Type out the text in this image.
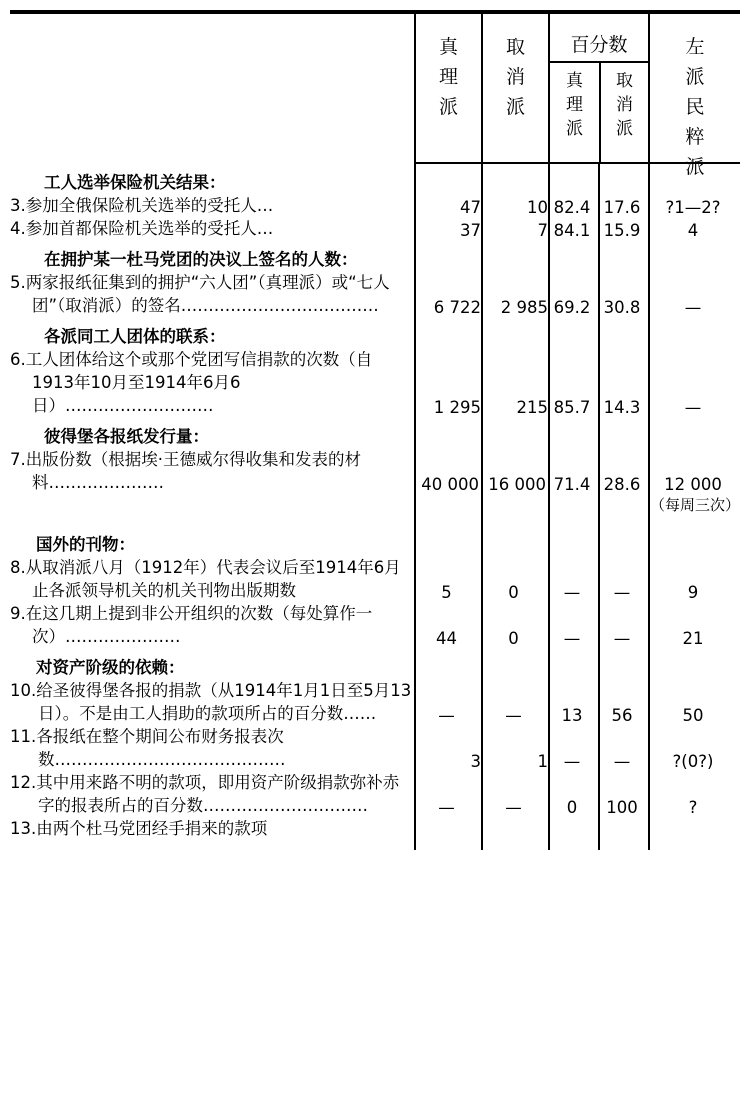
真
理
派

取
消
派

百分数
真
理
派
取
消
派

左
派
民
粹
派

工人选举保险机关结果：					

3.参加全俄保险机关选举的受托人…	47	10	82.4	17.6	?1—2?

4.参加首都保险机关选举的受托人…	37	7	84.1	15.9	4
在拥护某一杜马党团的决议上签名的人数：					

5.两家报纸征集到的拥护“六人团”（真理派）或“七人团”（取消派）的签名………………………………	6 722	2 985	69.2	30.8	—
各派同工人团体的联系：					

6.工人团体给这个或那个党团写信捐款的次数（自1913年10月至1914年6月6日）………………………	1 295	215	85.7	14.3	—
彼得堡各报纸发行量：					

7.出版份数（根据埃·王德威尔得收集和发表的材料…………………	40 000	16 000	71.4	28.6	12 000
					（每周三次）

国外的刊物：					

8.从取消派八月（1912年）代表会议后至1914年6月止各派领导机关的机关刊物出版期数	5	0	—	—	9

9.在这几期上提到非公开组织的次数（每处算作一次）…………………	44	0	—	—	21
对资产阶级的依赖：					

10.给圣彼得堡各报的捐款（从1914年1月1日至5月13日）。不是由工人捐助的款项所占的百分数……	—	—	13	56	50

11.各报纸在整个期间公布财务报表次数……………………………………	3	1	—	—	?(0?)

12.其中用来路不明的款项，即用资产阶级捐款弥补赤字的报表所占的百分数…………………………	—	—	0	100	?

13.由两个杜马党团经手捐来的款项					
